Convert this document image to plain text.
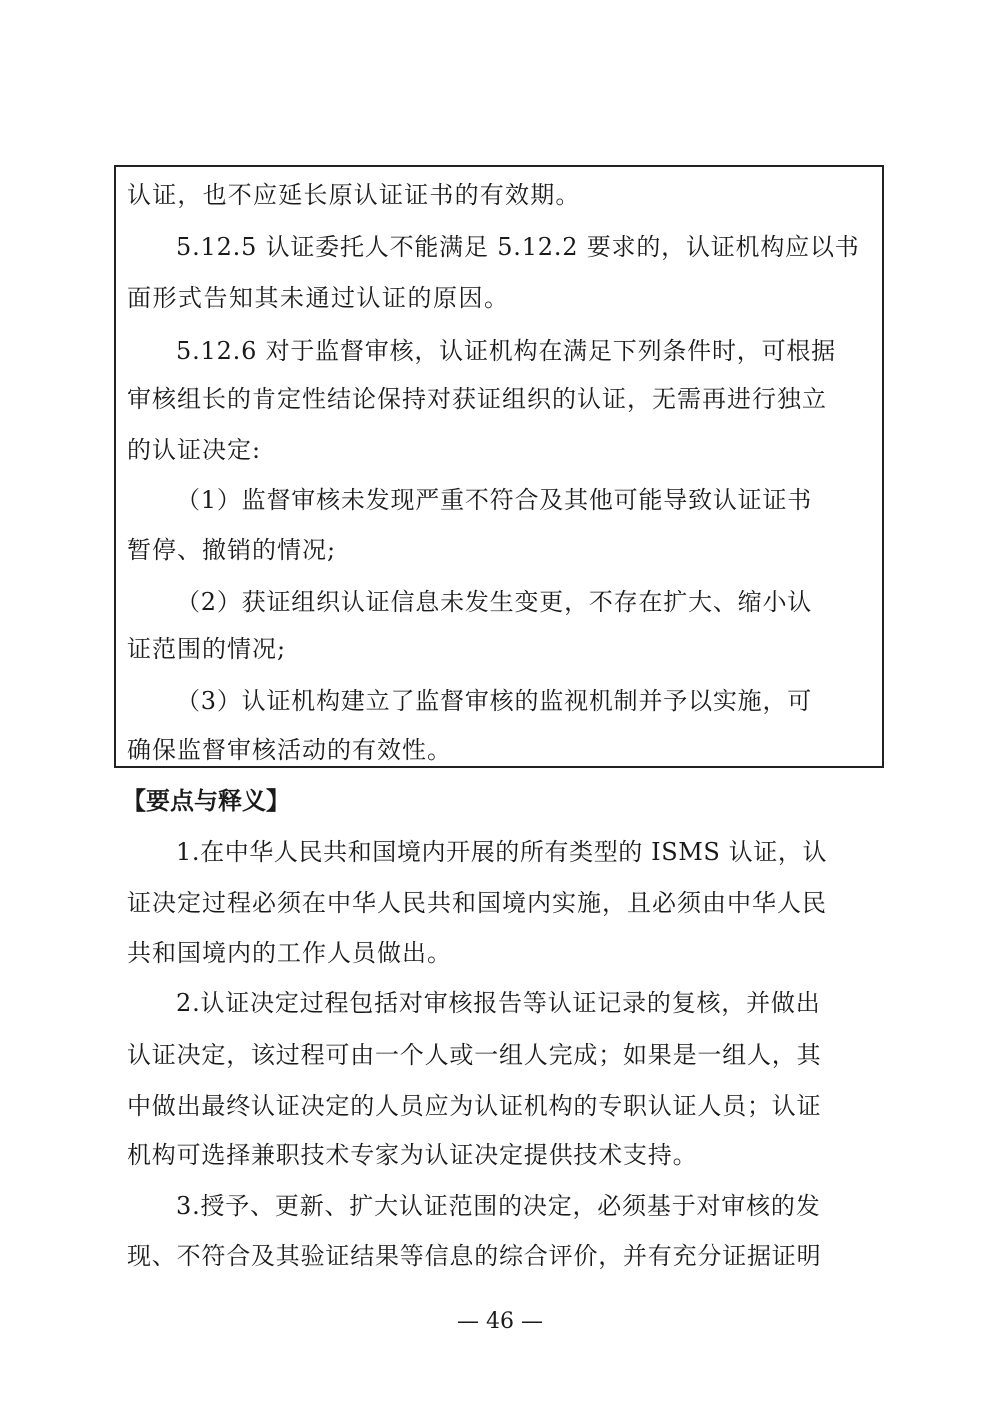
认证，也不应延长原认证证书的有效期。
5.12.5 认证委托人不能满足 5.12.2 要求的，认证机构应以书
面形式告知其未通过认证的原因。
5.12.6 对于监督审核，认证机构在满足下列条件时，可根据
审核组长的肯定性结论保持对获证组织的认证，无需再进行独立
的认证决定:
（1）监督审核未发现严重不符合及其他可能导致认证证书
暂停、撤销的情况;
（2）获证组织认证信息未发生变更，不存在扩大、缩小认
证范围的情况;
（3）认证机构建立了监督审核的监视机制并予以实施，可
确保监督审核活动的有效性。
【要点与释义】
1.在中华人民共和国境内开展的所有类型的 ISMS 认证，认
证决定过程必须在中华人民共和国境内实施，且必须由中华人民
共和国境内的工作人员做出。
2.认证决定过程包括对审核报告等认证记录的复核，并做出
认证决定，该过程可由一个人或一组人完成；如果是一组人，其
中做出最终认证决定的人员应为认证机构的专职认证人员；认证
机构可选择兼职技术专家为认证决定提供技术支持。
3.授予、更新、扩大认证范围的决定，必须基于对审核的发
现、不符合及其验证结果等信息的综合评价，并有充分证据证明
— 46 —
